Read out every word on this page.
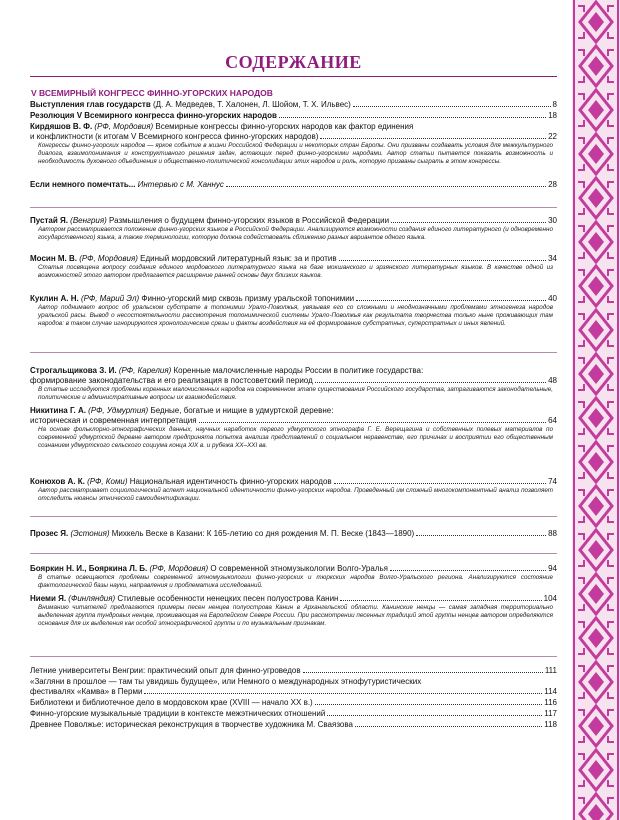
СОДЕРЖАНИЕ
V ВСЕМИРНЫЙ КОНГРЕСС ФИННО-УГОРСКИХ НАРОДОВ
Выступления глав государств (Д. А. Медведев, Т. Халонен, Л. Шойом, Т. Х. Ильвес)	8
Резолюция V Всемирного конгресса финно-угорских народов	18
Кирдяшов В. Ф. (РФ, Мордовия) Всемирные конгрессы финно-угорских народов как фактор единения
и конфликтности (к итогам V Всемирного конгресса финно-угорских народов)	22
Конгрессы финно-угорских народов — яркое событие в жизни Российской Федерации и некоторых стран Европы. Они призваны создавать условия для межкультурного диалога, взаимопонимания и конструктивного решения задач, встающих перед финно-угорскими народами. Автор статьи пытается показать возможность и необходимость духовного объединения и общественно-политической консолидации этих народов и роль, которую призваны сыграть в этом конгрессы.
Если немного помечтать... Интервью с М. Ханнус	28
Пустай Я. (Венгрия) Размышления о будущем финно-угорских языков в Российской Федерации	30
Автором рассматривается положение финно-угорских языков в Российской Федерации. Анализируются возможности создания единого литературного (и одновременно государственного) языка, а также терминологии, которую должна содействовать сближению разных вариантов одного языка.
Мосин М. В. (РФ, Мордовия) Единый мордовский литературный язык: за и против	34
Статья посвящена вопросу создания единого мордовского литературного языка на базе мокшанского и эрзянского литературных языков. В качестве одной из возможностей этого автором предлагается расширение ранней основы двух близких языков.
Куклин А. Н. (РФ, Марий Эл) Финно-угорский мир сквозь призму уральской топонимии	40
Автор поднимает вопрос об уральском субстрате в топонимии Урало-Поволжья, увязывая его со сложными и неоднозначными проблемами этногенеза народов уральской расы. Вывод о несостоятельности рассмотрения топонимической системы Урало-Поволжья как результата творчества только ныне проживающих там народов: в таком случае игнорируются хронологические срезы и факты воздействия на её формирование субстратных, суперстратных и иных явлений.
Строгальщикова З. И. (РФ, Карелия) Коренные малочисленные народы России в политике государства:
формирование законодательства и его реализация в постсоветский период	48
В статье исследуются проблемы коренных малочисленных народов на современном этапе существования Российского государства, затрагиваются законодательные, политические и административные вопросы их взаимодействия.
Никитина Г. А. (РФ, Удмуртия) Бедные, богатые и нищие в удмуртской деревне:
историческая и современная интерпретация	64
На основе фольклорно-этнографических данных, научных наработок первого удмуртского этнографа Г. Е. Верещагина и собственных полевых материалов по современной удмуртской деревне автором предпринята попытка анализа представлений о социальном неравенстве, его причинах и восприятии его общественным сознанием удмуртского сельского социума конца XIX в. и рубежа XX–XXI вв.
Конюхов А. К. (РФ, Коми) Национальная идентичность финно-угорских народов	74
Автор рассматривает социологический аспект национальной идентичности финно-угорских народов. Проведенный им сложный многокомпонентный анализ позволяет отследить нюансы этнической самоидентификации.
Прозес Я. (Эстония) Михкель Веске в Казани: К 165-летию со дня рождения М. П. Веске (1843—1890)	88
Бояркин Н. И., Бояркина Л. Б. (РФ, Мордовия) О современной этномузыкологии Волго-Уралья	94
В статье освещаются проблемы современной этномузыкологии финно-угорских и тюркских народов Волго-Уральского региона. Анализируются состояние фактологической базы науки, направления и проблематика исследований.
Ниеми Я. (Финляндия) Стилевые особенности ненецких песен полуострова Канин	104
Вниманию читателей предлагаются примеры песен ненцев полуострова Канин в Архангельской области. Канинские ненцы — самая западная территориально выделенная группа тундровых ненцев, проживающая на Европейском Севере России. При рассмотрении песенных традиций этой группы ненцев автором определяются основания для их выделения как особой этнографической группы и по музыкальным признакам.
Летние университеты Венгрии: практический опыт для финно-угроведов	111
«Загляни в прошлое — там ты увидишь будущее», или Немного о международных этнофутуристических
фестивалях «Камва» в Перми	114
Библиотеки и библиотечное дело в мордовском крае (XVIII — начало XX в.)	116
Финно-угорские музыкальные традиции в контексте межэтнических отношений	117
Древнее Поволжье: историческая реконструкция в творчестве художника М. Сваязова	118
